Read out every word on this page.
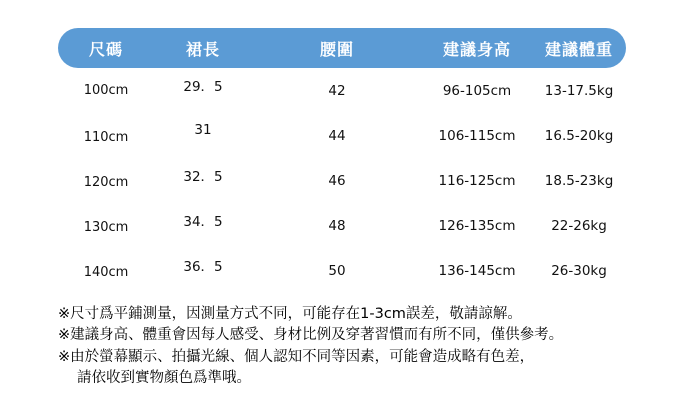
尺碼	裙長	腰圍	建議身高	建議體重
100cm	29．5	42	96-105cm	13-17.5kg
110cm	31	44	106-115cm	16.5-20kg
120cm	32．5	46	116-125cm	18.5-23kg
130cm	34．5	48	126-135cm	22-26kg
140cm	36．5	50	136-145cm	26-30kg
※尺寸爲平鋪測量，因測量方式不同，可能存在1-3cm誤差，敬請諒解。
※建議身高、體重會因每人感受、身材比例及穿著習慣而有所不同，僅供參考。
※由於螢幕顯示、拍攝光線、個人認知不同等因素，可能會造成略有色差，
請依收到實物顏色爲準哦。
